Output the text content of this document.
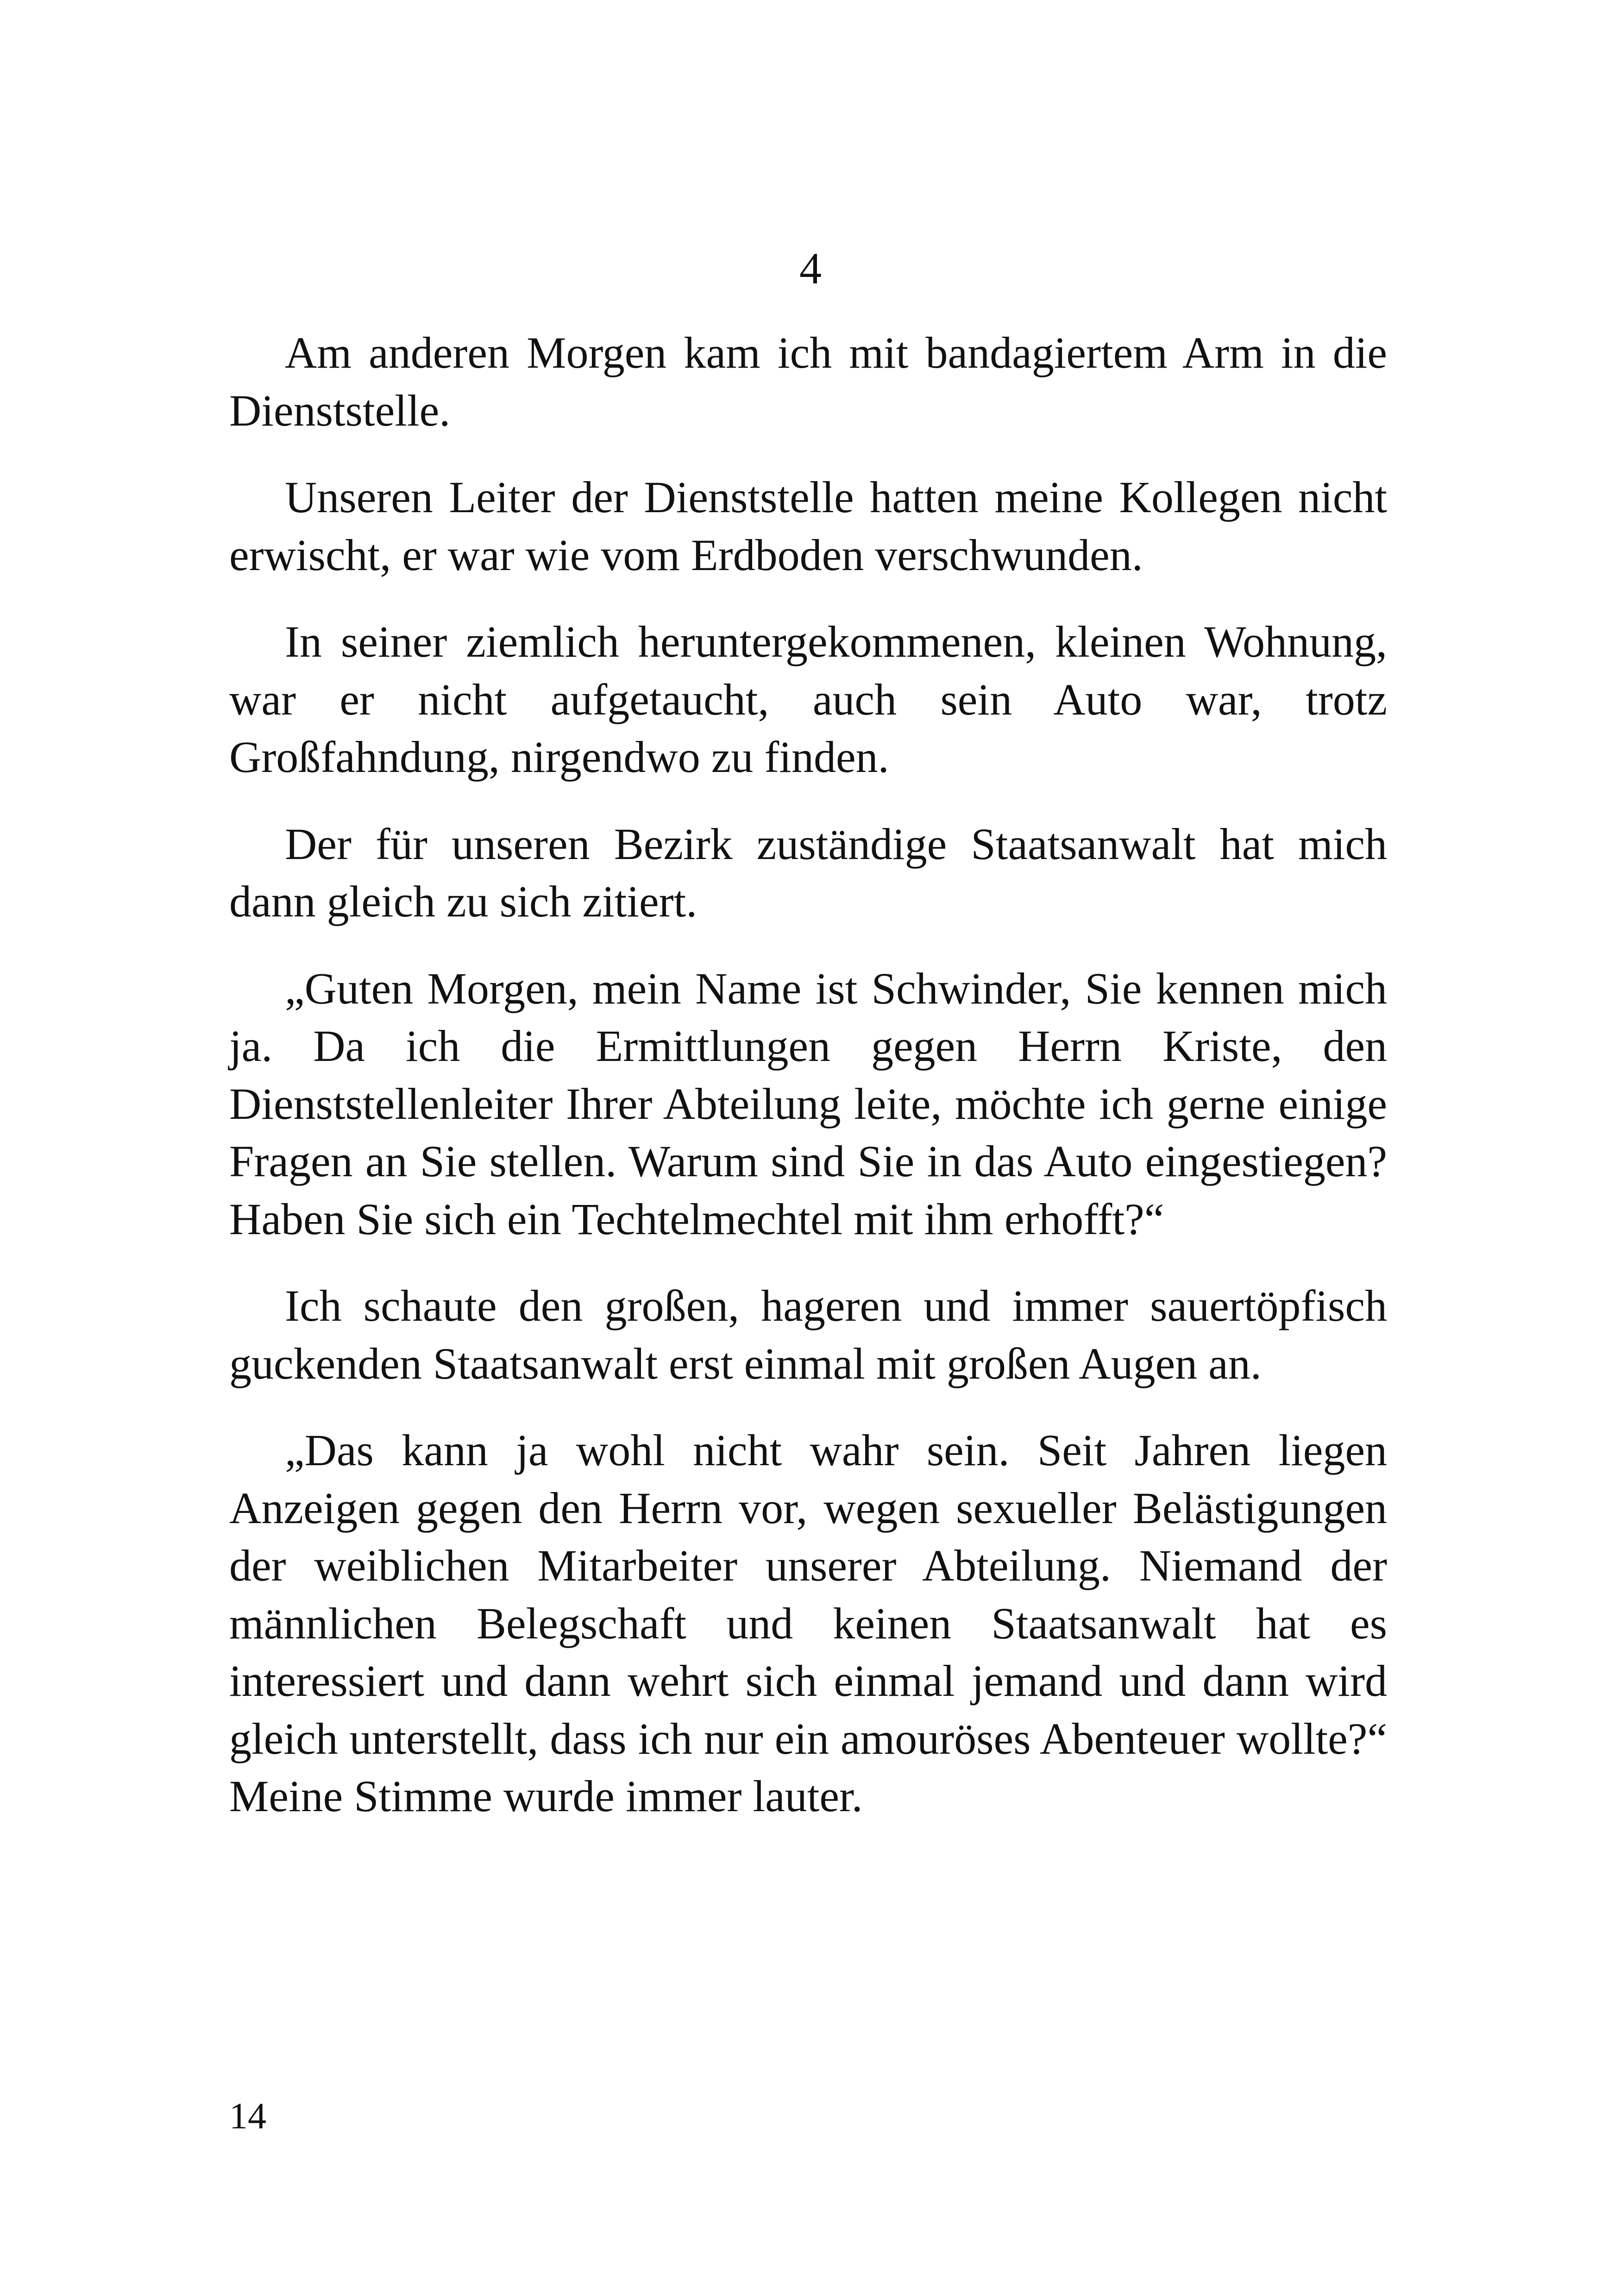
4

Am anderen Morgen kam ich mit bandagiertem Arm in die Dienststelle.

Unseren Leiter der Dienststelle hatten meine Kollegen nicht erwischt, er war wie vom Erdboden verschwunden.

In seiner ziemlich heruntergekommenen, kleinen Wohnung, war er nicht aufgetaucht, auch sein Auto war, trotz Großfahndung, nirgendwo zu finden.

Der für unseren Bezirk zuständige Staatsanwalt hat mich dann gleich zu sich zitiert.

„Guten Morgen, mein Name ist Schwinder, Sie kennen mich ja. Da ich die Ermittlungen gegen Herrn Kriste, den Dienststellenleiter Ihrer Abteilung leite, möchte ich gerne einige Fragen an Sie stellen. Warum sind Sie in das Auto eingestiegen? Haben Sie sich ein Techtelmechtel mit ihm erhofft?“

Ich schaute den großen, hageren und immer sauertöpfisch guckenden Staatsanwalt erst einmal mit großen Augen an.

„Das kann ja wohl nicht wahr sein. Seit Jahren liegen Anzeigen gegen den Herrn vor, wegen sexueller Belästigungen der weiblichen Mitarbeiter unserer Abteilung. Niemand der männlichen Belegschaft und keinen Staatsanwalt hat es interessiert und dann wehrt sich einmal jemand und dann wird gleich unterstellt, dass ich nur ein amouröses Abenteuer wollte?“ Meine Stimme wurde immer lauter.

14
